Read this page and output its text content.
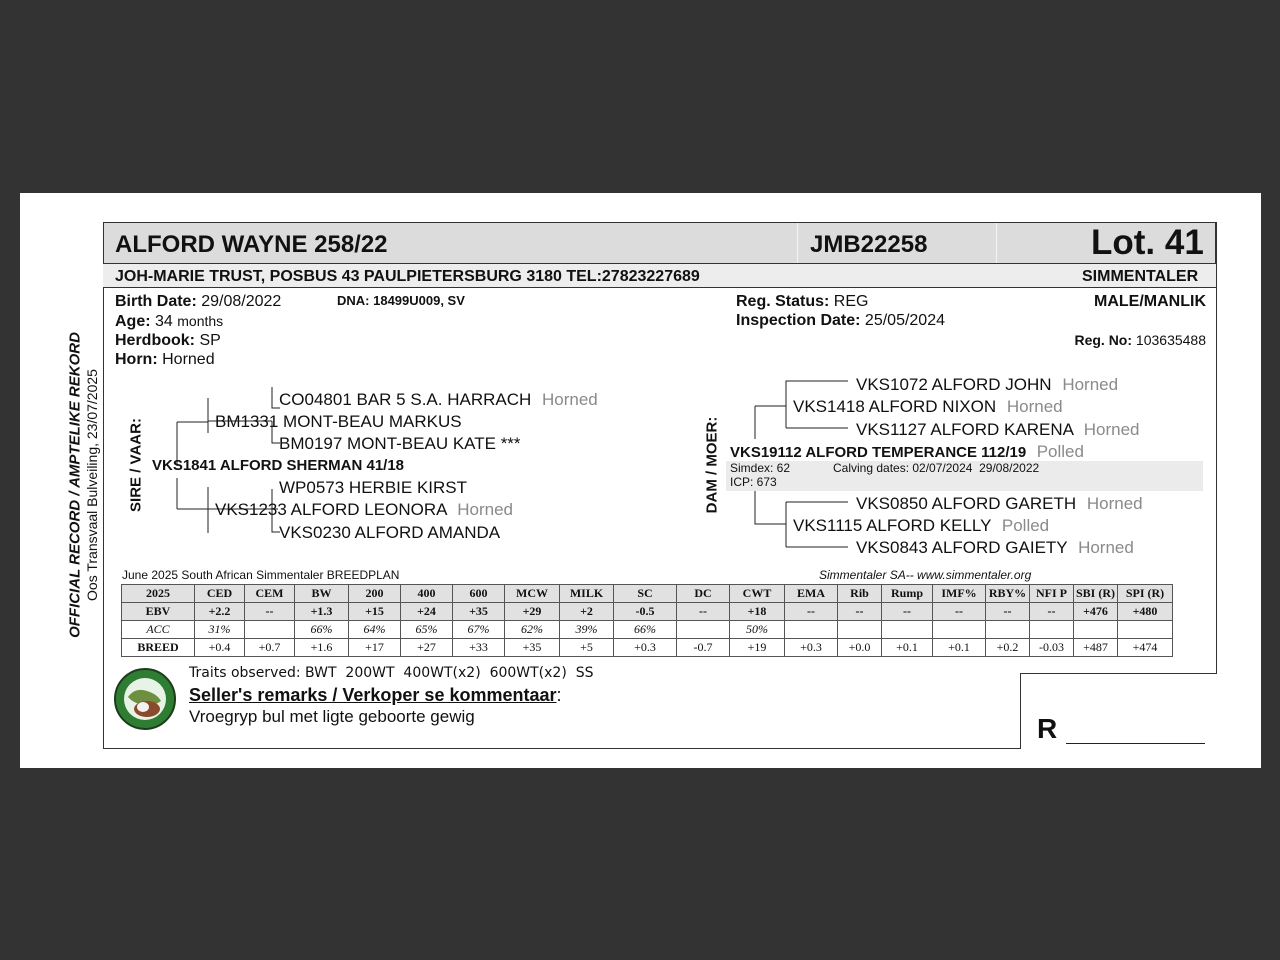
ALFORD WAYNE 258/22	JMB22258	Lot. 41
JOH-MARIE TRUST, POSBUS 43 PAULPIETERSBURG 3180 TEL:27823227689	SIMMENTALER
Birth Date: 29/08/2022	DNA: 18499U009, SV
Age: 34 months
Herdbook: SP
Horn: Horned
Reg. Status: REG
Inspection Date: 25/05/2024
MALE/MANLIK
Reg. No: 103635488
OFFICIAL RECORD / AMPTELIKE REKORD Oos Transvaal Bulveiling, 23/07/2025 SIRE / VAAR:
CO04801 BAR 5 S.A. HARRACH Horned
BM1331 MONT-BEAU MARKUS
BM0197 MONT-BEAU KATE ***
VKS1841 ALFORD SHERMAN 41/18
WP0573 HERBIE KIRST
VKS1233 ALFORD LEONORA Horned
VKS0230 ALFORD AMANDA
DAM / MOER:
VKS1072 ALFORD JOHN Horned
VKS1418 ALFORD NIXON Horned
VKS1127 ALFORD KARENA Horned
VKS19112 ALFORD TEMPERANCE 112/19 Polled
Simdex: 62	Calving dates: 02/07/2024  29/08/2022
ICP: 673
VKS0850 ALFORD GARETH Horned
VKS1115 ALFORD KELLY Polled
VKS0843 ALFORD GAIETY Horned
June 2025 South African Simmentaler BREEDPLAN	Simmentaler SA-- www.simmentaler.org
2025	CED	CEM	BW	200	400	600	MCW	MILK	SC	DC	CWT	EMA	Rib	Rump	IMF%	RBY%	NFI P	SBI (R)	SPI (R)
EBV	+2.2	--	+1.3	+15	+24	+35	+29	+2	-0.5	--	+18	--	--	--	--	--	--	+476	+480
ACC	31%		66%	64%	65%	67%	62%	39%	66%		50%								
BREED	+0.4	+0.7	+1.6	+17	+27	+33	+35	+5	+0.3	-0.7	+19	+0.3	+0.0	+0.1	+0.1	+0.2	-0.03	+487	+474
Traits observed: BWT  200WT  400WT(x2)  600WT(x2)  SS
Seller's remarks / Verkoper se kommentaar:
Vroegryp bul met ligte geboorte gewig	R
